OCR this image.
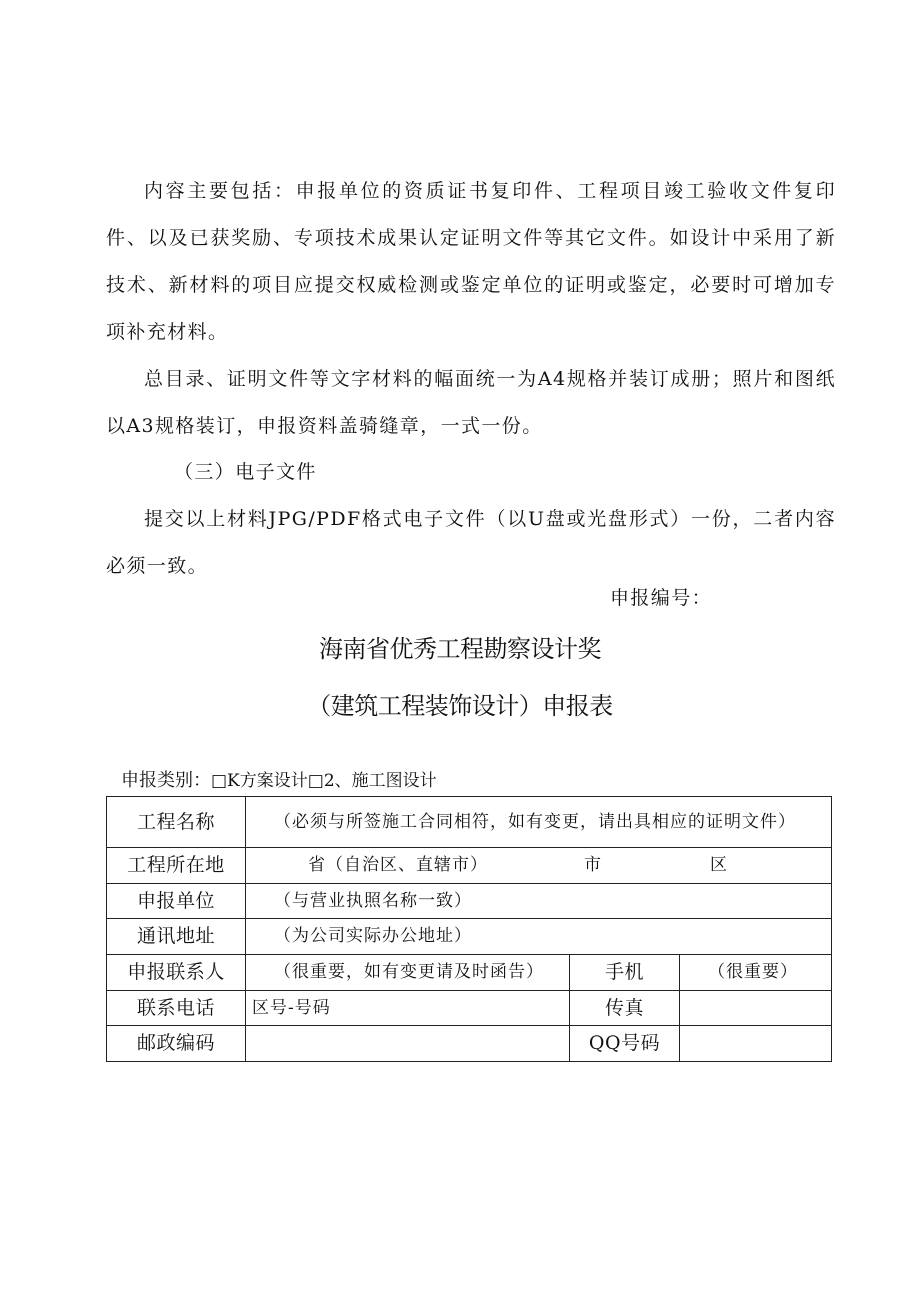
内容主要包括：申报单位的资质证书复印件、工程项目竣工验收文件复印件、以及已获奖励、专项技术成果认定证明文件等其它文件。如设计中采用了新技术、新材料的项目应提交权威检测或鉴定单位的证明或鉴定，必要时可增加专项补充材料。

总目录、证明文件等文字材料的幅面统一为A4规格并装订成册；照片和图纸以A3规格装订，申报资料盖骑缝章，一式一份。

（三）电子文件

提交以上材料JPG/PDF格式电子文件（以U盘或光盘形式）一份，二者内容必须一致。

申报编号：

海南省优秀工程勘察设计奖
（建筑工程装饰设计）申报表

申报类别：□K方案设计□2、施工图设计

工程名称	（必须与所签施工合同相符，如有变更，请出具相应的证明文件）		
工程所在地	省（自治区、直辖市） 市 区		

申报单位	（与营业执照名称一致）		
通讯地址	（为公司实际办公地址）		
申报联系人	（很重要，如有变更请及时函告）	手机	（很重要）
联系电话	区号-号码	传真	
邮政编码		QQ号码	
